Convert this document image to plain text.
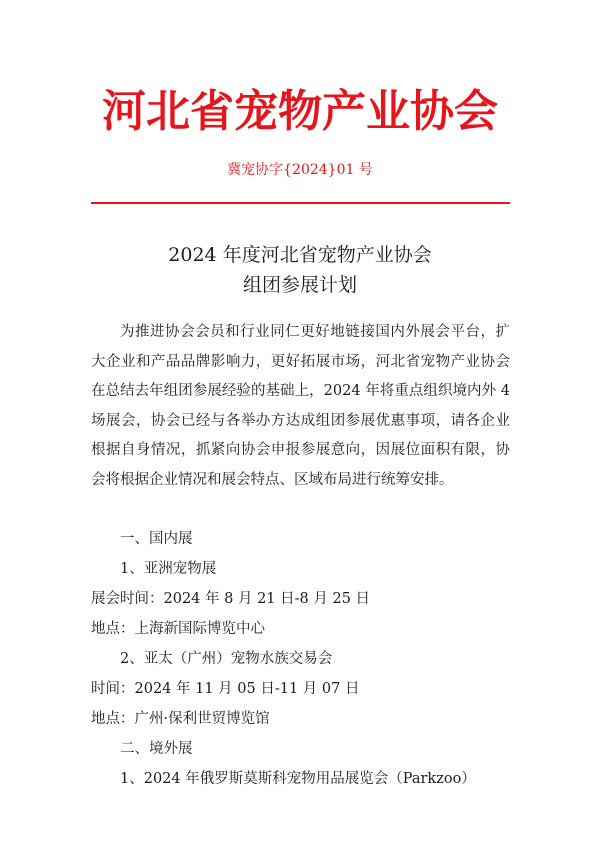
河北省宠物产业协会
冀宠协字{2024}01 号
2024 年度河北省宠物产业协会
组团参展计划

为推进协会会员和行业同仁更好地链接国内外展会平台，扩大企业和产品品牌影响力，更好拓展市场，河北省宠物产业协会在总结去年组团参展经验的基础上，2024 年将重点组织境内外 4 场展会，协会已经与各举办方达成组团参展优惠事项，请各企业根据自身情况，抓紧向协会申报参展意向，因展位面积有限，协会将根据企业情况和展会特点、区域布局进行统筹安排。

一、国内展
1、亚洲宠物展
展会时间：2024 年 8 月 21 日-8 月 25 日
地点：上海新国际博览中心
2、亚太（广州）宠物水族交易会
时间：2024 年 11 月 05 日-11 月 07 日
地点：广州·保利世贸博览馆
二、境外展
1、2024 年俄罗斯莫斯科宠物用品展览会（Parkzoo）
